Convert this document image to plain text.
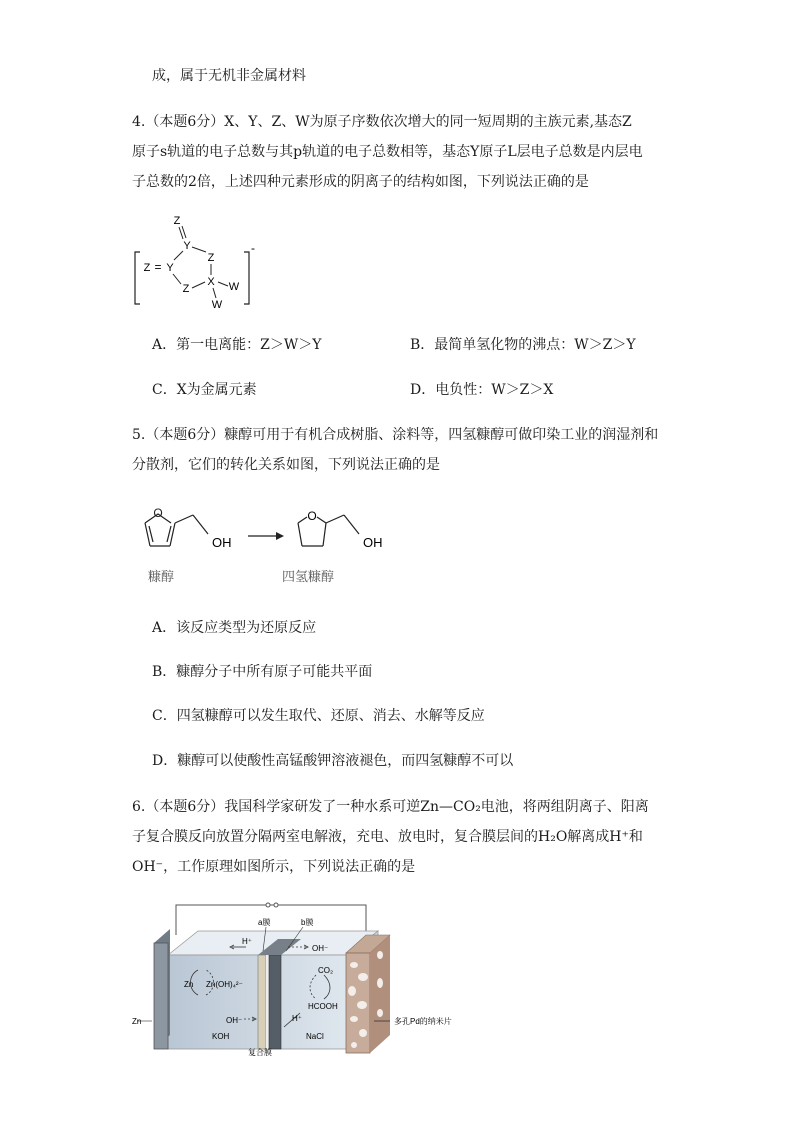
成，属于无机非金属材料
4.（本题6分）X、Y、Z、W为原子序数依次增大的同一短周期的主族元素,基态Z
原子s轨道的电子总数与其p轨道的电子总数相等，基态Y原子L层电子总数是内层电
子总数的2倍，上述四种元素形成的阴离子的结构如图，下列说法正确的是
-
Z
Y
Z Y
Z
X
Z	W
W
=
A．第一电离能：Z＞W＞Y	B．最简单氢化物的沸点：W＞Z＞Y
C．X为金属元素	D．电负性：W＞Z＞X
5.（本题6分）糠醇可用于有机合成树脂、涂料等，四氢糠醇可做印染工业的润湿剂和
分散剂，它们的转化关系如图，下列说法正确的是
O
OH
O
OH
糠醇	四氢糠醇
A．该反应类型为还原反应
B．糠醇分子中所有原子可能共平面
C．四氢糠醇可以发生取代、还原、消去、水解等反应
D．糠醇可以使酸性高锰酸钾溶液褪色，而四氢糠醇不可以
6.（本题6分）我国科学家研发了一种水系可逆Zn—CO₂电池，将两组阴离子、阳离
子复合膜反向放置分隔两室电解液，充电、放电时，复合膜层间的H₂O解离成H⁺和
OH⁻，工作原理如图所示，下列说法正确的是
a膜	b膜
H⁺
OH⁻
Zn Zn(OH)₄²⁻
CO₂
HCOOH
OH⁻	H⁺
Zn
KOH	NaCl
复合膜
多孔Pd的纳米片
